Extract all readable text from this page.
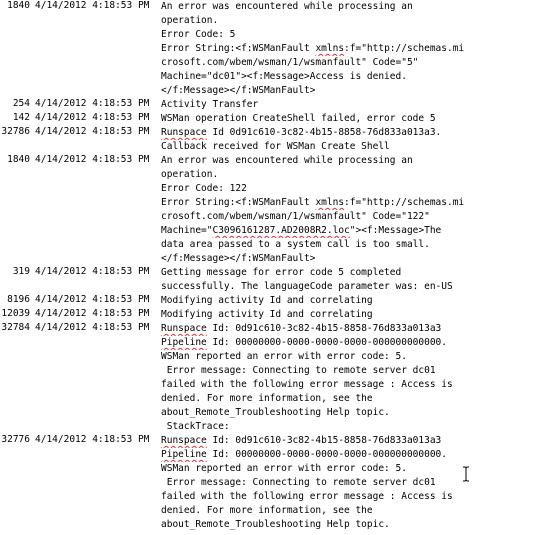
1840 4/14/2012 4:18:53 PM An error was encountered while processing an
operation.
Error Code: 5
Error String:<f:WSManFault xmlns:f="http://schemas.mi
crosoft.com/wbem/wsman/1/wsmanfault" Code="5"
Machine="dc01"><f:Message>Access is denied.
</f:Message></f:WSManFault>
254 4/14/2012 4:18:53 PM Activity Transfer
142 4/14/2012 4:18:53 PM WSMan operation CreateShell failed, error code 5
32786 4/14/2012 4:18:53 PM Runspace Id 0d91c610-3c82-4b15-8858-76d833a013a3.
Callback received for WSMan Create Shell
1840 4/14/2012 4:18:53 PM An error was encountered while processing an
operation.
Error Code: 122
Error String:<f:WSManFault xmlns:f="http://schemas.mi
crosoft.com/wbem/wsman/1/wsmanfault" Code="122"
Machine="C3096161287.AD2008R2.loc"><f:Message>The
data area passed to a system call is too small.
</f:Message></f:WSManFault>
319 4/14/2012 4:18:53 PM Getting message for error code 5 completed
successfully. The languageCode parameter was: en-US
8196 4/14/2012 4:18:53 PM Modifying activity Id and correlating
12039 4/14/2012 4:18:53 PM Modifying activity Id and correlating
32784 4/14/2012 4:18:53 PM Runspace Id: 0d91c610-3c82-4b15-8858-76d833a013a3
Pipeline Id: 00000000-0000-0000-0000-000000000000.
WSMan reported an error with error code: 5.
Error message: Connecting to remote server dc01
failed with the following error message : Access is
denied. For more information, see the
about_Remote_Troubleshooting Help topic.
StackTrace:
32776 4/14/2012 4:18:53 PM Runspace Id: 0d91c610-3c82-4b15-8858-76d833a013a3
Pipeline Id: 00000000-0000-0000-0000-000000000000.
WSMan reported an error with error code: 5.
Error message: Connecting to remote server dc01
failed with the following error message : Access is
denied. For more information, see the
about_Remote_Troubleshooting Help topic.
